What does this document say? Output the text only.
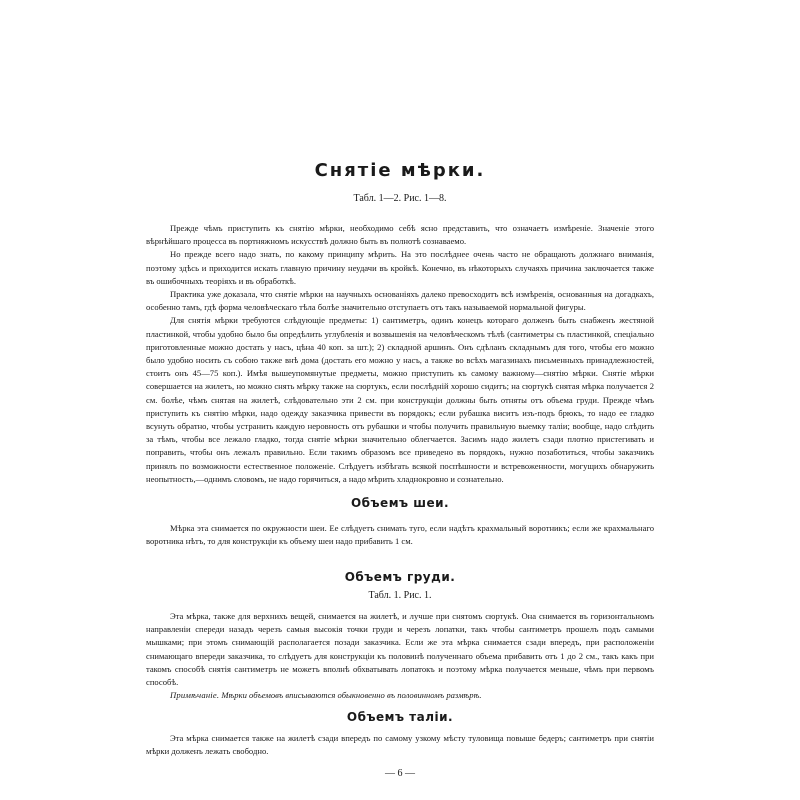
Снятіе мѣрки.
Табл. 1—2. Рис. 1—8.

Прежде чѣмъ приступить къ снятію мѣрки, необходимо себѣ ясно представить, что означаетъ измѣреніе. Значеніе этого вѣрнѣйшаго процесса въ портняжномъ искусствѣ должно быть въ полнотѣ сознаваемо.

Но прежде всего надо знать, по какому принципу мѣрить. На это послѣднее очень часто не обращають должнаго вниманія, поэтому здѣсь и приходится искать главную причину неудачи въ кройкѣ. Конечно, въ нѣкоторыхъ случаяхъ причина заключается также въ ошибочныхъ теоріяхъ и въ обработкѣ.

Практика уже доказала, что снятіе мѣрки на научныхъ основаніяхъ далеко превосходитъ всѣ измѣренія, основанныя на догадкахъ, особенно тамъ, гдѣ форма человѣческаго тѣла болѣе значительно отступаетъ отъ такъ называемой нормальной фигуры.

Для снятія мѣрки требуются слѣдующіе предметы: 1) сантиметръ, одинъ конецъ котораго долженъ быть снабженъ жестяной пластинкой, чтобы удобно было бы опредѣлить углубленія и возвышенія на человѣческомъ тѣлѣ (сантиметры съ пластинкой, спеціально приготовленные можно достать у насъ, цѣна 40 коп. за шт.); 2) складной аршинъ. Онъ сдѣланъ складнымъ для того, чтобы его можно было удобно носить съ собою также внѣ дома (достать его можно у насъ, а также во всѣхъ магазинахъ письменныхъ принадлежностей, стоитъ онъ 45—75 коп.). Имѣя вышеупомянутые предметы, можно приступить къ самому важному—снятію мѣрки. Снятіе мѣрки совершается на жилетъ, но можно снять мѣрку также на сюртукъ, если послѣдній хорошо сидитъ; на сюртукѣ снятая мѣрка получается 2 см. болѣе, чѣмъ снятая на жилетѣ, слѣдовательно эти 2 см. при конструкціи должны быть отняты отъ объема груди. Прежде чѣмъ приступить къ снятію мѣрки, надо одежду заказчика привести въ порядокъ; если рубашка виситъ изъ-подъ брюкъ, то надо ее гладко всунуть обратно, чтобы устранить каждую неровность отъ рубашки и чтобы получить правильную выемку таліи; вообще, надо слѣдить за тѣмъ, чтобы все лежало гладко, тогда снятіе мѣрки значительно облегчается. Засимъ надо жилетъ сзади плотно пристегивать и поправить, чтобы онъ лежалъ правильно. Если такимъ образомъ все приведено въ порядокъ, нужно позаботиться, чтобы заказчикъ принялъ по возможности естественное положеніе. Слѣдуетъ избѣгать всякой поспѣшности и встревоженности, могущихъ обнаружить неопытность,—однимъ словомъ, не надо горячиться, а надо мѣрить хладнокровно и сознательно.

Объемъ шеи.

Мѣрка эта снимается по окружности шеи. Ее слѣдуетъ снимать туго, если надѣтъ крахмальный воротникъ; если же крахмальнаго воротника нѣтъ, то для конструкціи къ объему шеи надо прибавить 1 см.

Объемъ груди.
Табл. 1. Рис. 1.

Эта мѣрка, также для верхнихъ вещей, снимается на жилетѣ, и лучше при снятомъ сюртукѣ. Она снимается въ горизонтальномъ направленіи спереди назадъ черезъ самыя высокія точки груди и черезъ лопатки, такъ чтобы сантиметръ прошелъ подъ самыми мышками; при этомъ снимающій располагается позади заказчика. Если же эта мѣрка снимается сзади впередъ, при расположеніи снимающаго впереди заказчика, то слѣдуетъ для конструкціи къ половинѣ полученнаго объема прибавить отъ 1 до 2 см., такъ какъ при такомъ способѣ снятія сантиметръ не можетъ вполнѣ обхватывать лопатокъ и поэтому мѣрка получается меньше, чѣмъ при первомъ способѣ.

Примѣчаніе. Мѣрки объемовъ вписываются обыкновенно въ половинномъ размѣрѣ.

Объемъ таліи.

Эта мѣрка снимается также на жилетѣ сзади впередъ по самому узкому мѣсту туловища повыше бедеръ; сантиметръ при снятіи мѣрки долженъ лежать свободно.

— 6 —
